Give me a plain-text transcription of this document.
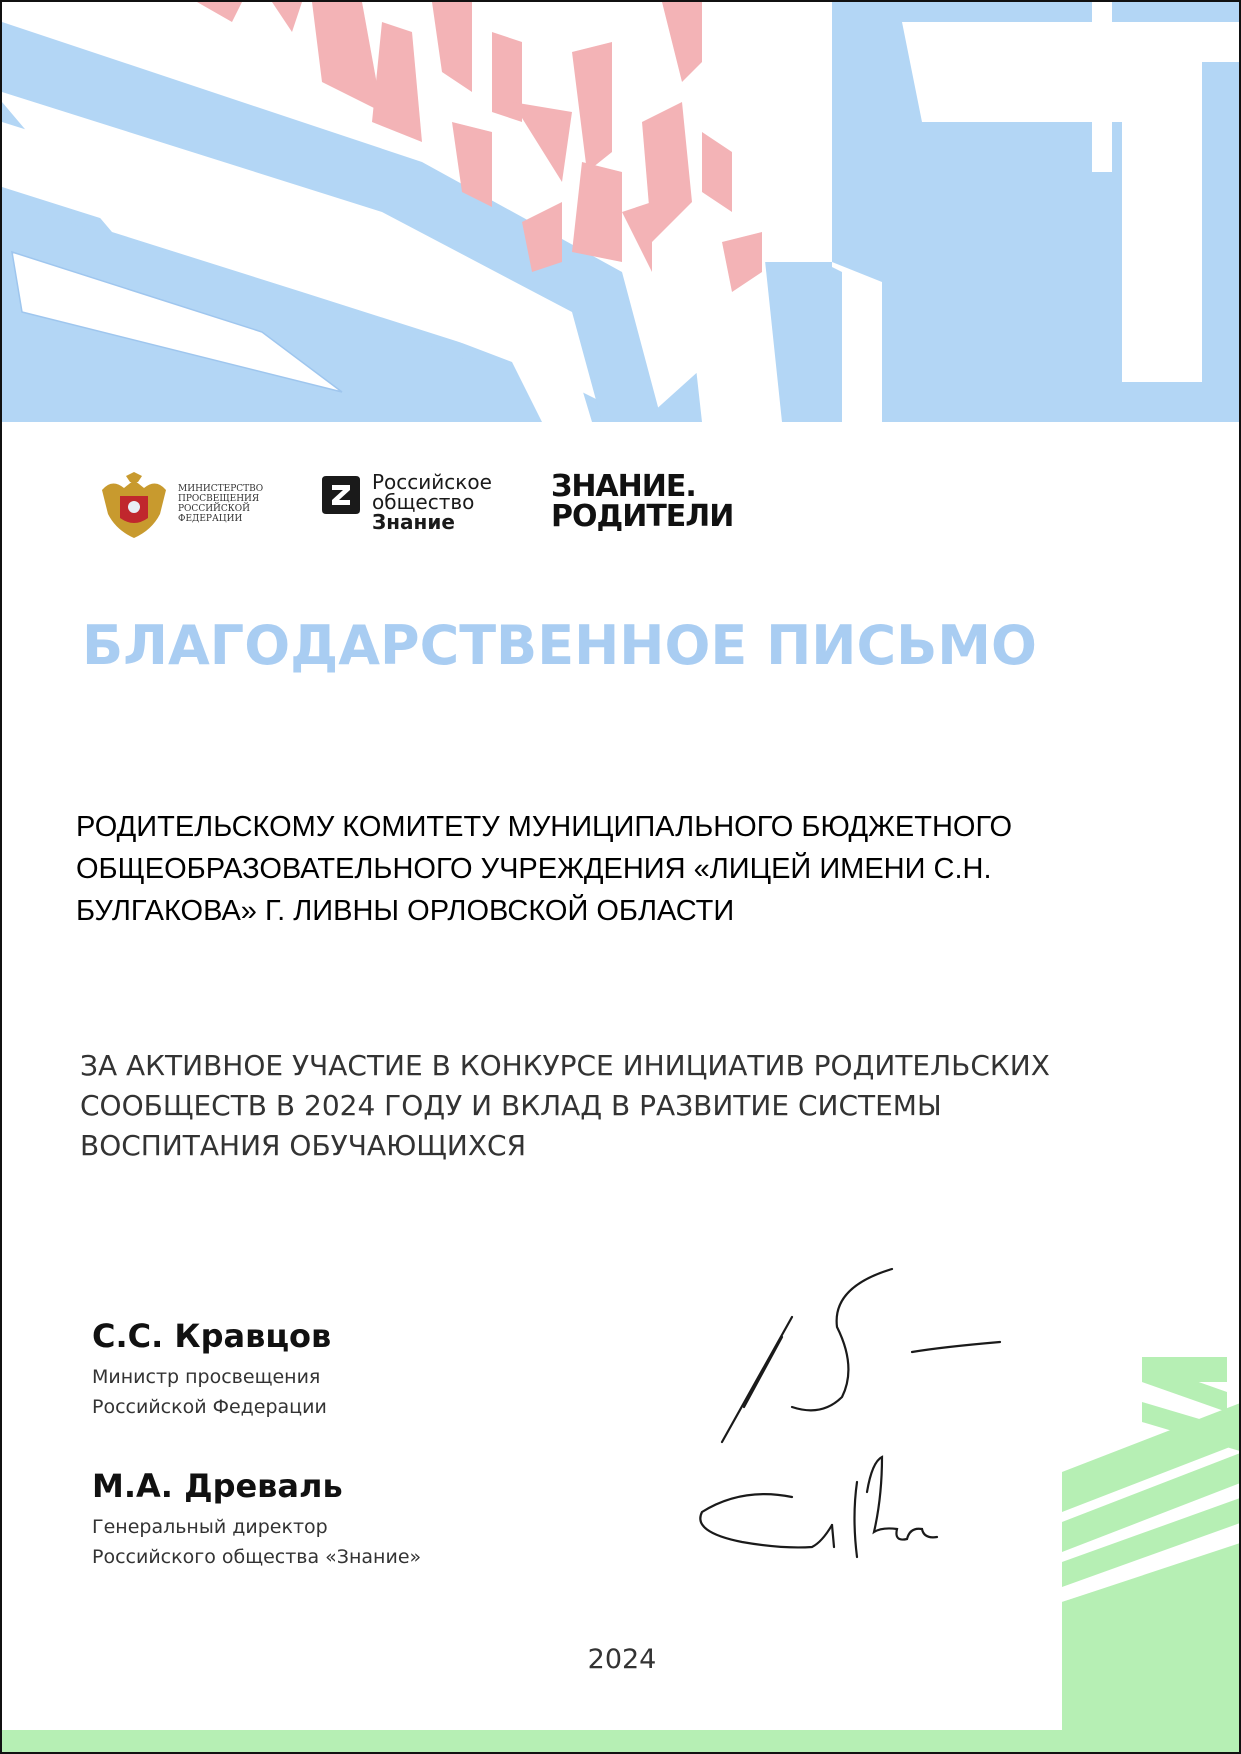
МИНИСТЕРСТВО
ПРОСВЕЩЕНИЯ
РОССИЙСКОЙ
ФЕДЕРАЦИИ
Российское
общество
Знание
ЗНАНИЕ.
РОДИТЕЛИ
БЛАГОДАРСТВЕННОЕ ПИСЬМО
РОДИТЕЛЬСКОМУ КОМИТЕТУ МУНИЦИПАЛЬНОГО БЮДЖЕТНОГО ОБЩЕОБРАЗОВАТЕЛЬНОГО УЧРЕЖДЕНИЯ «ЛИЦЕЙ ИМЕНИ С.Н. БУЛГАКОВА» Г. ЛИВНЫ ОРЛОВСКОЙ ОБЛАСТИ
ЗА АКТИВНОЕ УЧАСТИЕ В КОНКУРСЕ ИНИЦИАТИВ РОДИТЕЛЬСКИХ СООБЩЕСТВ В 2024 ГОДУ И ВКЛАД В РАЗВИТИЕ СИСТЕМЫ ВОСПИТАНИЯ ОБУЧАЮЩИХСЯ
С.С. Кравцов
Министр просвещения
Российской Федерации
М.А. Древаль
Генеральный директор
Российского общества «Знание»
2024
